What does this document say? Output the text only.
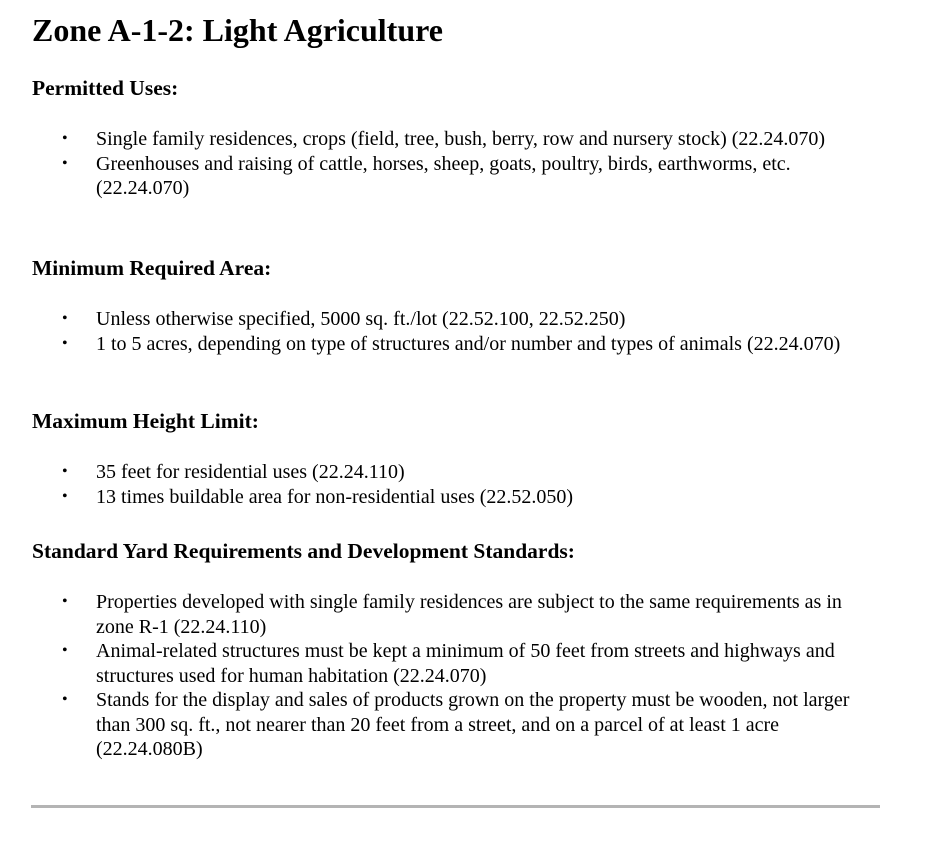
Zone A-1-2: Light Agriculture
Permitted Uses:
• Single family residences, crops (field, tree, bush, berry, row and nursery stock) (22.24.070)
• Greenhouses and raising of cattle, horses, sheep, goats, poultry, birds, earthworms, etc. (22.24.070)
Minimum Required Area:
• Unless otherwise specified, 5000 sq. ft./lot (22.52.100, 22.52.250)
• 1 to 5 acres, depending on type of structures and/or number and types of animals (22.24.070)
Maximum Height Limit:
• 35 feet for residential uses (22.24.110)
• 13 times buildable area for non-residential uses (22.52.050)
Standard Yard Requirements and Development Standards:
• Properties developed with single family residences are subject to the same requirements as in zone R-1 (22.24.110)
• Animal-related structures must be kept a minimum of 50 feet from streets and highways and structures used for human habitation (22.24.070)
• Stands for the display and sales of products grown on the property must be wooden, not larger than 300 sq. ft., not nearer than 20 feet from a street, and on a parcel of at least 1 acre (22.24.080B)
